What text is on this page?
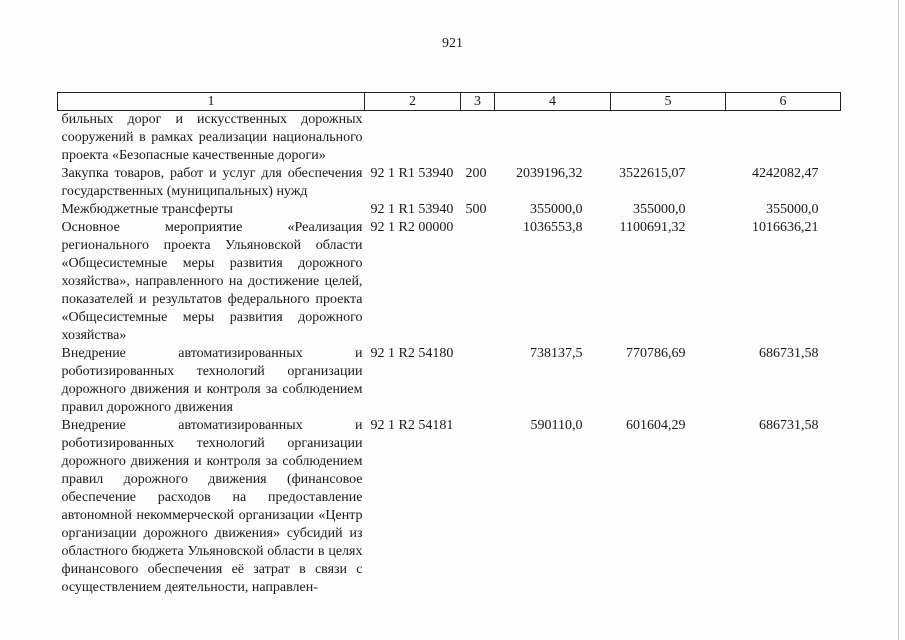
921
1	2	3	4	5	6
бильных дорог и искусственных дорожных сооружений в рамках реализации национального проекта «Безопасные качественные дороги»					
Закупка товаров, работ и услуг для обеспечения государственных (муниципальных) нужд	92 1 R1 53940	200	2039196,32	3522615,07	4242082,47
Межбюджетные трансферты	92 1 R1 53940	500	355000,0	355000,0	355000,0
Основное мероприятие «Реализация регионального проекта Ульяновской области «Общесистемные меры развития дорожного хозяйства», направленного на достижение целей, показателей и результатов федерального проекта «Общесистемные меры развития дорожного хозяйства»	92 1 R2 00000		1036553,8	1100691,32	1016636,21
Внедрение автоматизированных и роботизированных технологий организации дорожного движения и контроля за соблюдением правил дорожного движения	92 1 R2 54180		738137,5	770786,69	686731,58
Внедрение автоматизированных и роботизированных технологий организации дорожного движения и контроля за соблюдением правил дорожного движения (финансовое обеспечение расходов на предоставление автономной некоммерческой организации «Центр организации дорожного движения» субсидий из областного бюджета Ульяновской области в целях финансового обеспечения её затрат в связи с осуществлением деятельности, направлен-	92 1 R2 54181		590110,0	601604,29	686731,58
